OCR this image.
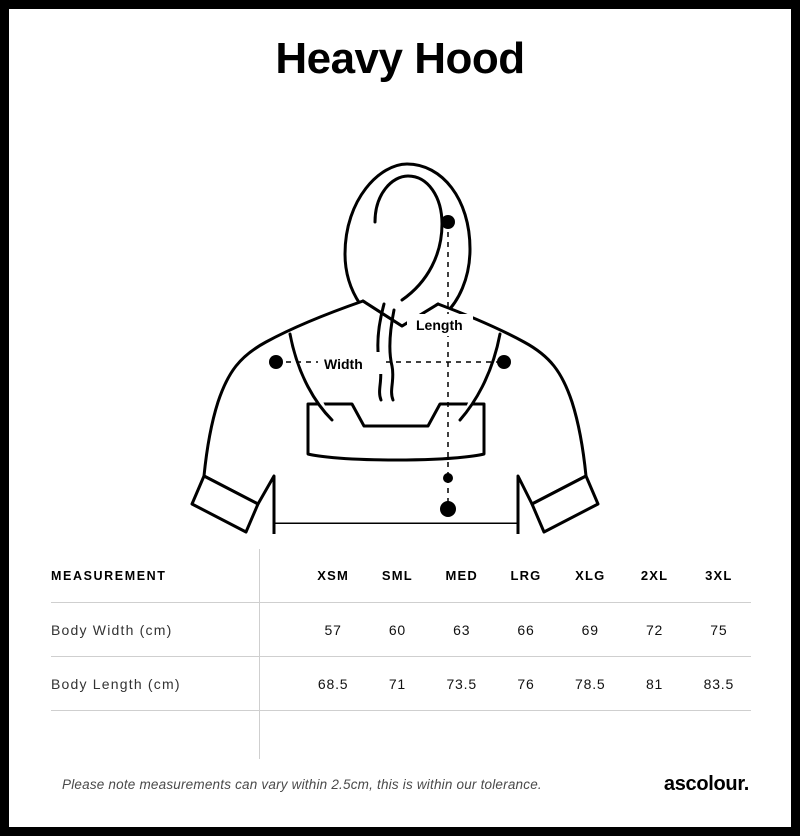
Heavy Hood
Length
Width
MEASUREMENT	XSM	SML	MED	LRG	XLG	2XL	3XL

Body Width (cm)	57	60	63	66	69	72	75

Body Length (cm)	68.5	71	73.5	76	78.5	81	83.5

Please note measurements can vary within 2.5cm, this is within our tolerance.	ascolour.
